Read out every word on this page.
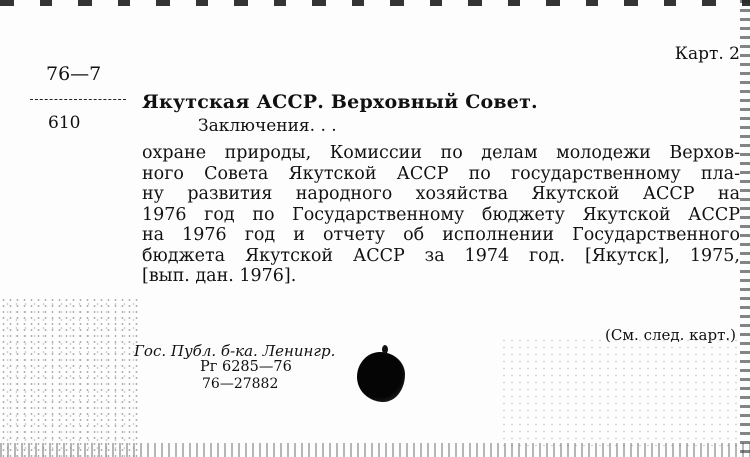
Карт. 2
76—7
610
Якутская АССР. Верховный Совет.
Заключения. . .
охране природы, Комиссии по делам молодежи Верхов-
ного Совета Якутской АССР по государственному пла-
ну развития народного хозяйства Якутской АССР на
1976 год по Государственному бюджету Якутской АССР
на 1976 год и отчету об исполнении Государственного
бюджета Якутской АССР за 1974 год. [Якутск], 1975,
[вып. дан. 1976].
(См. след. карт.)
Гос. Публ. б-ка. Ленингр.
Рг 6285—76
76—27882
